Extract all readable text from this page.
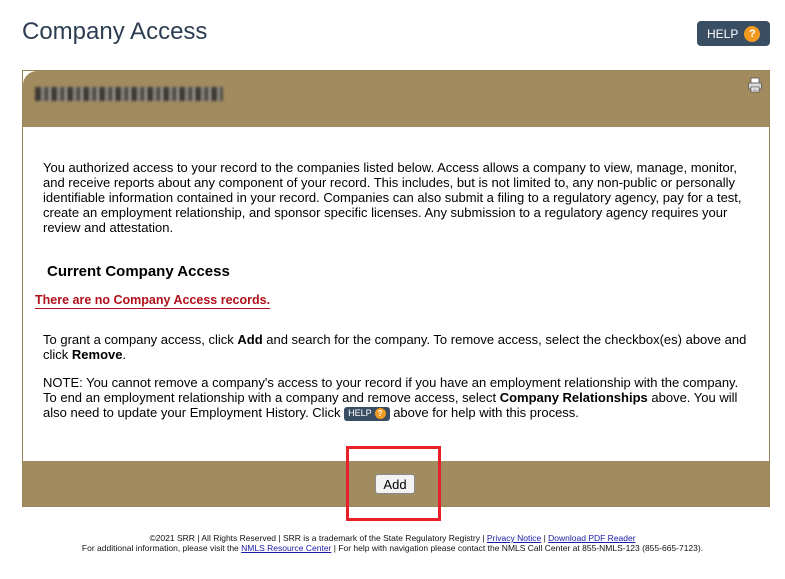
Company Access	HELP ?
You authorized access to your record to the companies listed below. Access allows a company to view, manage, monitor, and receive reports about any component of your record. This includes, but is not limited to, any non-public or personally identifiable information contained in your record. Companies can also submit a filing to a regulatory agency, pay for a test, create an employment relationship, and sponsor specific licenses. Any submission to a regulatory agency requires your review and attestation.
Current Company Access
There are no Company Access records.
To grant a company access, click Add and search for the company. To remove access, select the checkbox(es) above and click Remove.
NOTE: You cannot remove a company's access to your record if you have an employment relationship with the company. To end an employment relationship with a company and remove access, select Company Relationships above. You will also need to update your Employment History. Click HELP ? above for help with this process.
Add
©2021 SRR | All Rights Reserved | SRR is a trademark of the State Regulatory Registry | Privacy Notice | Download PDF Reader
For additional information, please visit the NMLS Resource Center | For help with navigation please contact the NMLS Call Center at 855-NMLS-123 (855-665-7123).
